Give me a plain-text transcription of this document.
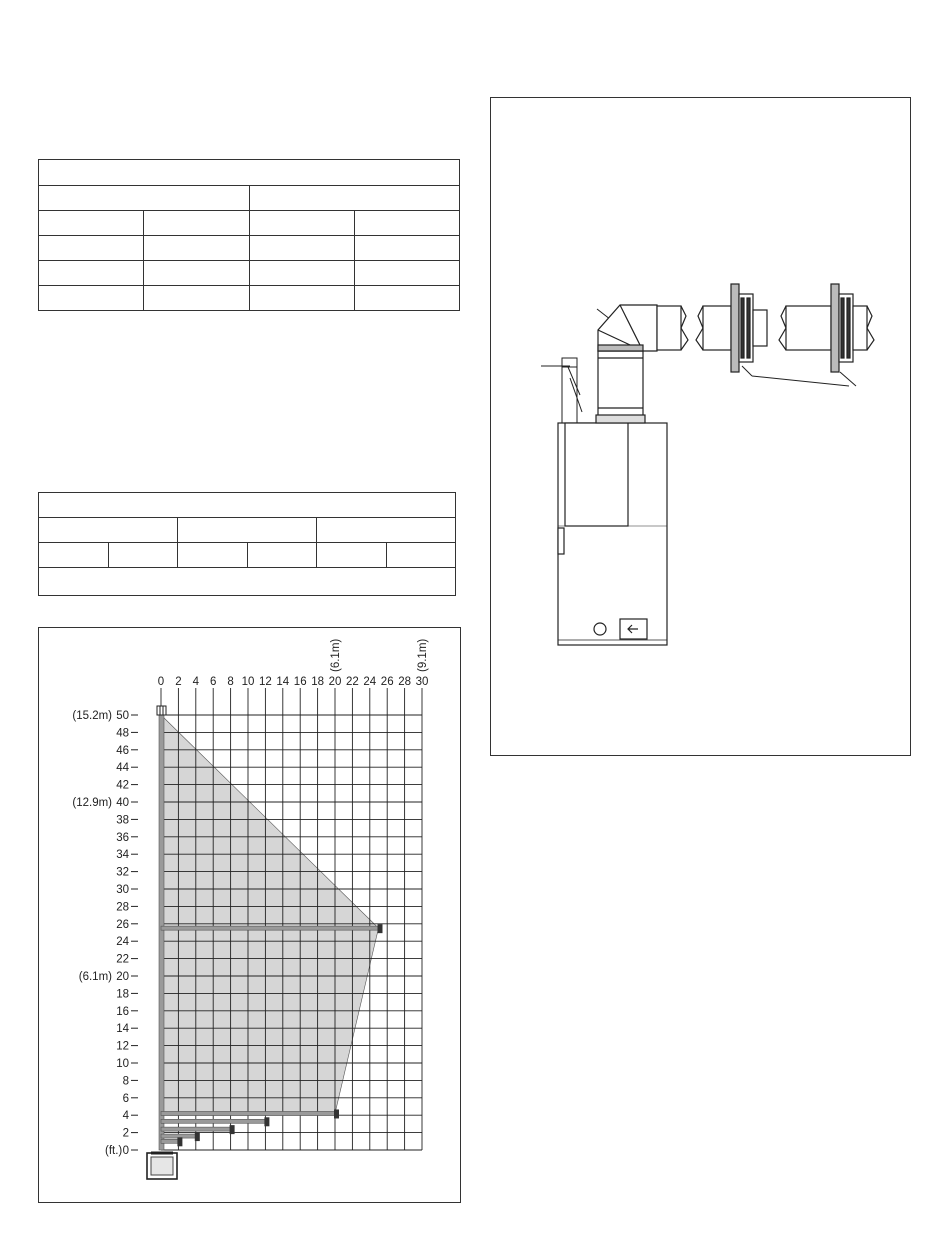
0 2 4 6 8 10 12 14 16 18 20 22 24 26 28 30
0
2
4
6
8
10
12
14
16
18
20
22
24
26
28
30
32
34
36
38
40
42
44
46
48
50
(ft.)
(15.2m)
(12.9m)
(6.1m)
(6.1m)	(9.1m)
